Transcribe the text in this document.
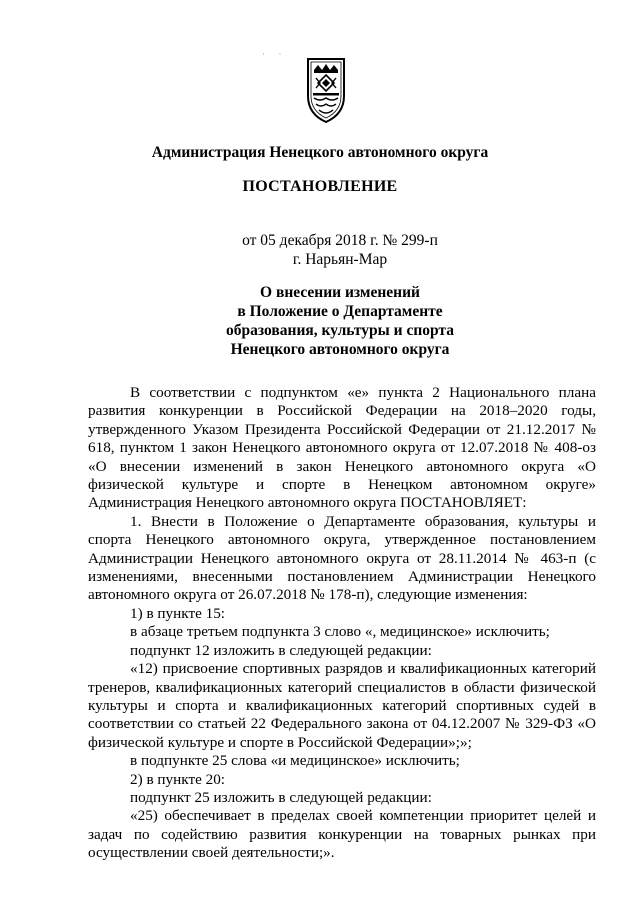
· ·
Администрация Ненецкого автономного округа
ПОСТАНОВЛЕНИЕ
от 05 декабря 2018 г. № 299-п
г. Нарьян-Мар
О внесении изменений
в Положение о Департаменте
образования, культуры и спорта
Ненецкого автономного округа

В соответствии с подпунктом «е» пункта 2 Национального плана развития конкуренции в Российской Федерации на 2018–2020 годы, утвержденного Указом Президента Российской Федерации от 21.12.2017 № 618, пунктом 1 закон Ненецкого автономного округа от 12.07.2018 № 408-оз «О внесении изменений в закон Ненецкого автономного округа «О физической культуре и спорте в Ненецком автономном округе» Администрация Ненецкого автономного округа ПОСТАНОВЛЯЕТ:

1. Внести в Положение о Департаменте образования, культуры и спорта Ненецкого автономного округа, утвержденное постановлением Администрации Ненецкого автономного округа от 28.11.2014 № 463-п (с изменениями, внесенными постановлением Администрации Ненецкого автономного округа от 26.07.2018 № 178-п), следующие изменения:

1) в пункте 15:

в абзаце третьем подпункта 3 слово «, медицинское» исключить;

подпункт 12 изложить в следующей редакции:

«12) присвоение спортивных разрядов и квалификационных категорий тренеров, квалификационных категорий специалистов в области физической культуры и спорта и квалификационных категорий спортивных судей в соответствии со статьей 22 Федерального закона от 04.12.2007 № 329-ФЗ «О физической культуре и спорте в Российской Федерации»;»;

в подпункте 25 слова «и медицинское» исключить;

2) в пункте 20:

подпункт 25 изложить в следующей редакции:

«25) обеспечивает в пределах своей компетенции приоритет целей и задач по содействию развития конкуренции на товарных рынках при осуществлении своей деятельности;».
